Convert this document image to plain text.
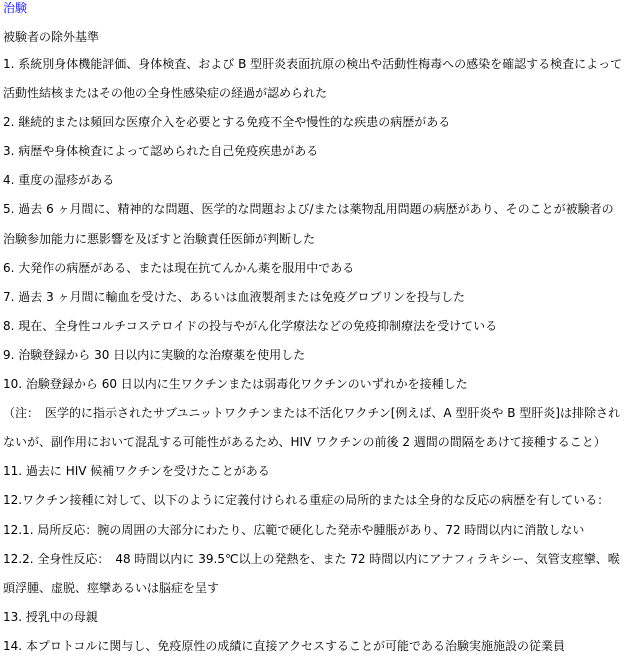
治験
被験者の除外基準
1. 系統別身体機能評価、身体検査、および B 型肝炎表面抗原の検出や活動性梅毒への感染を確認する検査によって
活動性結核またはその他の全身性感染症の経過が認められた
2. 継続的または頻回な医療介入を必要とする免疫不全や慢性的な疾患の病歴がある
3. 病歴や身体検査によって認められた自己免疫疾患がある
4. 重度の湿疹がある
5. 過去 6 ヶ月間に、精神的な問題、医学的な問題および/または薬物乱用問題の病歴があり、そのことが被験者の
治験参加能力に悪影響を及ぼすと治験責任医師が判断した
6. 大発作の病歴がある、または現在抗てんかん薬を服用中である
7. 過去 3 ヶ月間に輸血を受けた、あるいは血液製剤または免疫グロブリンを投与した
8. 現在、全身性コルチコステロイドの投与やがん化学療法などの免疫抑制療法を受けている
9. 治験登録から 30 日以内に実験的な治療薬を使用した
10. 治験登録から 60 日以内に生ワクチンまたは弱毒化ワクチンのいずれかを接種した
（注：　医学的に指示されたサブユニットワクチンまたは不活化ワクチン[例えば、A 型肝炎や B 型肝炎]は排除され
ないが、副作用において混乱する可能性があるため、HIV ワクチンの前後 2 週間の間隔をあけて接種すること）
11. 過去に HIV 候補ワクチンを受けたことがある
12.ワクチン接種に対して、以下のように定義付けられる重症の局所的または全身的な反応の病歴を有している：
12.1. 局所反応：腕の周囲の大部分にわたり、広範で硬化した発赤や腫脹があり、72 時間以内に消散しない
12.2. 全身性反応：　48 時間以内に 39.5℃以上の発熱を、また 72 時間以内にアナフィラキシー、気管支痙攣、喉
頭浮腫、虚脱、痙攣あるいは脳症を呈す
13. 授乳中の母親
14. 本プロトコルに関与し、免疫原性の成績に直接アクセスすることが可能である治験実施施設の従業員
